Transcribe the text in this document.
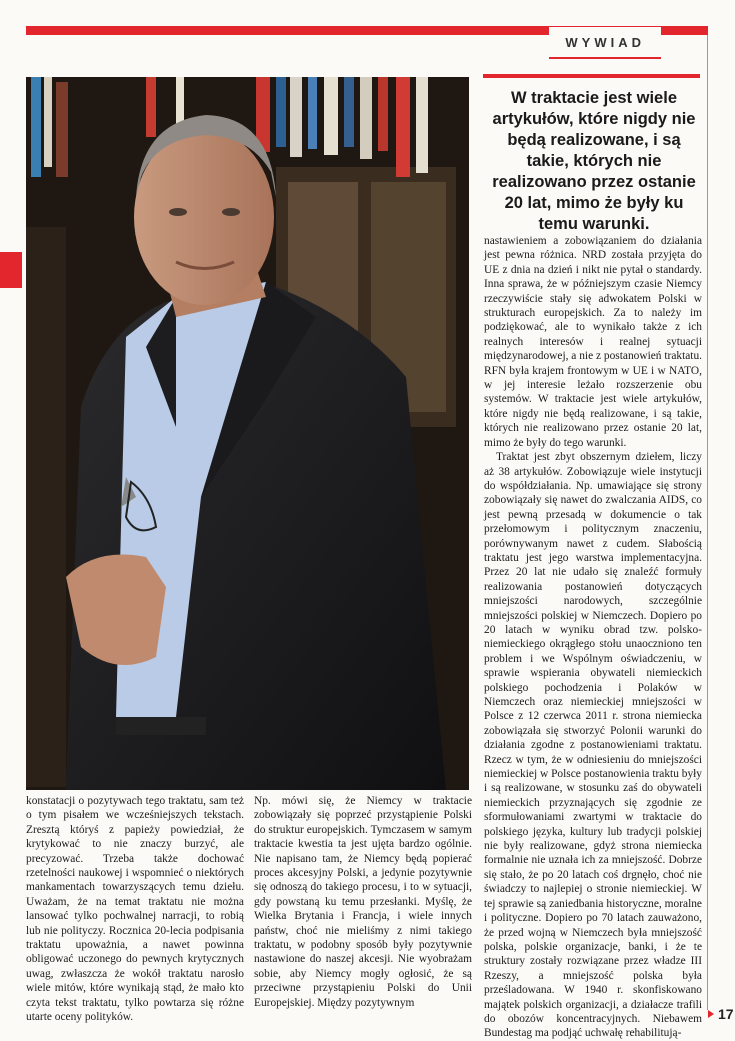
WYWIAD

W traktacie jest wiele artykułów, które nigdy nie będą realizowane, i są takie, których nie realizowano przez ostanie 20 lat, mimo że były ku temu warunki.

nastawieniem a zobowiązaniem do działania jest pewna różnica. NRD została przyjęta do UE z dnia na dzień i nikt nie pytał o standardy. Inna sprawa, że w późniejszym czasie Niemcy rzeczywiście stały się adwokatem Polski w strukturach europejskich. Za to należy im podziękować, ale to wynikało także z ich realnych interesów i realnej sytuacji międzynarodowej, a nie z postanowień traktatu. RFN była krajem frontowym w UE i w NATO, w jej interesie leżało rozszerzenie obu systemów. W traktacie jest wiele artykułów, które nigdy nie będą realizowane, i są takie, których nie realizowano przez ostanie 20 lat, mimo że były do tego warunki.

Traktat jest zbyt obszernym dziełem, liczy aż 38 artykułów. Zobowiązuje wiele instytucji do współdziałania. Np. umawiające się strony zobowiązały się nawet do zwalczania AIDS, co jest pewną przesadą w dokumencie o tak przełomowym i politycznym znaczeniu, porównywanym nawet z cudem. Słabością traktatu jest jego warstwa implementacyjna. Przez 20 lat nie udało się znaleźć formuły realizowania postanowień dotyczących mniejszości narodowych, szczególnie mniejszości polskiej w Niemczech. Dopiero po 20 latach w wyniku obrad tzw. polsko-niemieckiego okrągłego stołu unaoczniono ten problem i we Wspólnym oświadczeniu, w sprawie wspierania obywateli niemieckich polskiego pochodzenia i Polaków w Niemczech oraz niemieckiej mniejszości w Polsce z 12 czerwca 2011 r. strona niemiecka zobowiązała się stworzyć Polonii warunki do działania zgodne z postanowieniami traktatu. Rzecz w tym, że w odniesieniu do mniejszości niemieckiej w Polsce postanowienia traktu były i są realizowane, w stosunku zaś do obywateli niemieckich przyznających się zgodnie ze sformułowaniami zwartymi w traktacie do polskiego języka, kultury lub tradycji polskiej nie były realizowane, gdyż strona niemiecka formalnie nie uznała ich za mniejszość. Dobrze się stało, że po 20 latach coś drgnęło, choć nie świadczy to najlepiej o stronie niemieckiej. W tej sprawie są zaniedbania historyczne, moralne i polityczne. Dopiero po 70 latach zauważono, że przed wojną w Niemczech była mniejszość polska, polskie organizacje, banki, i że te struktury zostały rozwiązane przez władze III Rzeszy, a mniejszość polska była prześladowana. W 1940 r. skonfiskowano majątek polskich organizacji, a działacze trafili do obozów koncentracyjnych. Niebawem Bundestag ma podjąć uchwałę rehabilitują-

konstatacji o pozytywach tego traktatu, sam też o tym pisałem we wcześniejszych tekstach. Zresztą któryś z papieży powiedział, że krytykować to nie znaczy burzyć, ale precyzować. Trzeba także dochować rzetelności naukowej i wspomnieć o niektórych mankamentach towarzyszących temu dziełu. Uważam, że na temat traktatu nie można lansować tylko pochwalnej narracji, to robią lub nie polityczy. Rocznica 20-lecia podpisania traktatu upoważnia, a nawet powinna obligować uczonego do pewnych krytycznych uwag, zwłaszcza że wokół traktatu narosło wiele mitów, które wynikają stąd, że mało kto czyta tekst traktatu, tylko powtarza się różne utarte oceny polityków.

Np. mówi się, że Niemcy w traktacie zobowiązały się poprzeć przystąpienie Polski do struktur europejskich. Tymczasem w samym traktacie kwestia ta jest ujęta bardzo ogólnie. Nie napisano tam, że Niemcy będą popierać proces akcesyjny Polski, a jedynie pozytywnie się odnoszą do takiego procesu, i to w sytuacji, gdy powstaną ku temu przesłanki. Myślę, że Wielka Brytania i Francja, i wiele innych państw, choć nie mieliśmy z nimi takiego traktatu, w podobny sposób były pozytywnie nastawione do naszej akcesji. Nie wyobrażam sobie, aby Niemcy mogły ogłosić, że są przeciwne przystąpieniu Polski do Unii Europejskiej. Między pozytywnym

17
